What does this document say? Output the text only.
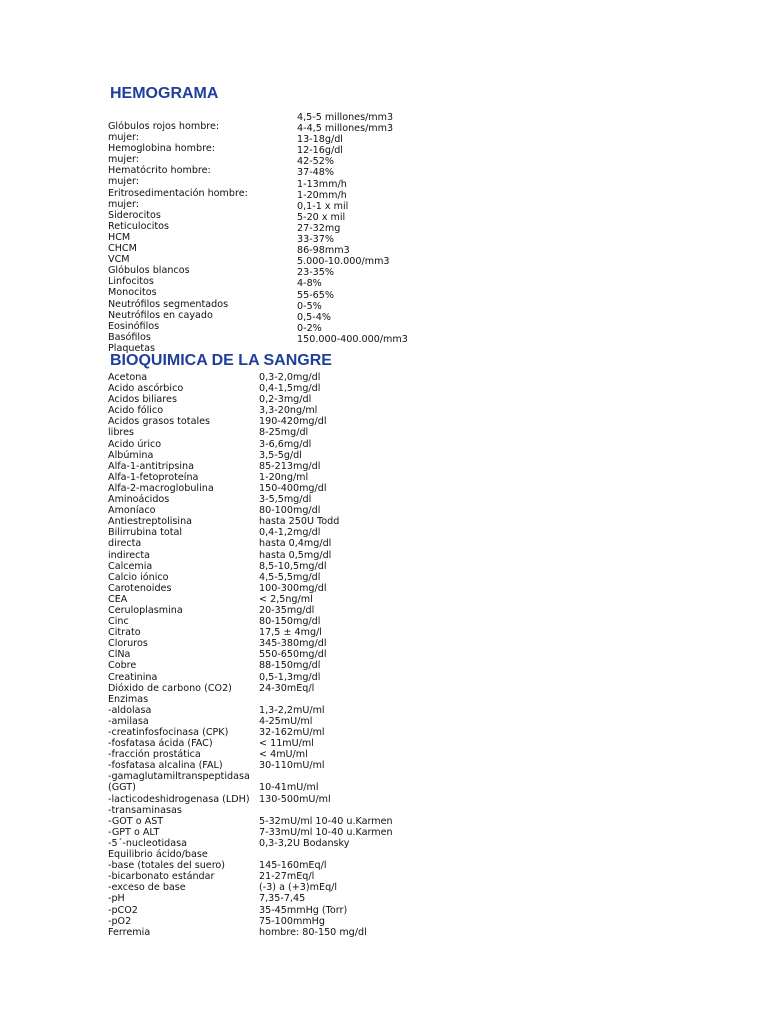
HEMOGRAMA
Glóbulos rojos hombre:
mujer:
Hemoglobina hombre:
mujer:
Hematócrito hombre:
mujer:
Eritrosedimentación hombre:
mujer:
Siderocitos
Reticulocitos
HCM
CHCM
VCM
Glóbulos blancos
Linfocitos
Monocitos
Neutrófilos segmentados
Neutrófilos en cayado
Eosinófilos
Basófilos
Plaquetas
4,5-5 millones/mm3
4-4,5 millones/mm3
13-18g/dl
12-16g/dl
42-52%
37-48%
1-13mm/h
1-20mm/h
0,1-1 x mil
5-20 x mil
27-32mg
33-37%
86-98mm3
5.000-10.000/mm3
23-35%
4-8%
55-65%
0-5%
0,5-4%
0-2%
150.000-400.000/mm3
BIOQUIMICA DE LA SANGRE
Acetona
Acido ascórbico
Acidos biliares
Acido fólico
Acidos grasos totales
libres
Acido úrico
Albúmina
Alfa-1-antitripsina
Alfa-1-fetoproteína
Alfa-2-macroglobulina
Aminoácidos
Amoníaco
Antiestreptolisina
Bilirrubina total
directa
indirecta
Calcemia
Calcio iónico
Carotenoides
CEA
Ceruloplasmina
Cinc
Citrato
Cloruros
ClNa
Cobre
Creatinina
Dióxido de carbono (CO2)
Enzimas
-aldolasa
-amilasa
-creatinfosfocinasa (CPK)
-fosfatasa ácida (FAC)
-fracción prostática
-fosfatasa alcalina (FAL)
-gamaglutamiltranspeptidasa
(GGT)
-lacticodeshidrogenasa (LDH)
-transaminasas
-GOT o AST
-GPT o ALT
-5´-nucleotidasa
Equilibrio ácido/base
-base (totales del suero)
-bicarbonato estándar
-exceso de base
-pH
-pCO2
-pO2
Ferremia
0,3-2,0mg/dl
0,4-1,5mg/dl
0,2-3mg/dl
3,3-20ng/ml
190-420mg/dl
8-25mg/dl
3-6,6mg/dl
3,5-5g/dl
85-213mg/dl
1-20ng/ml
150-400mg/dl
3-5,5mg/dl
80-100mg/dl
hasta 250U Todd
0,4-1,2mg/dl
hasta 0,4mg/dl
hasta 0,5mg/dl
8,5-10,5mg/dl
4,5-5,5mg/dl
100-300mg/dl
< 2,5ng/ml
20-35mg/dl
80-150mg/dl
17,5 ± 4mg/l
345-380mg/dl
550-650mg/dl
88-150mg/dl
0,5-1,3mg/dl
24-30mEq/l
1,3-2,2mU/ml
4-25mU/ml
32-162mU/ml
< 11mU/ml
< 4mU/ml
30-110mU/ml
10-41mU/ml
130-500mU/ml
5-32mU/ml 10-40 u.Karmen
7-33mU/ml 10-40 u.Karmen
0,3-3,2U Bodansky
145-160mEq/l
21-27mEq/l
(-3) a (+3)mEq/l
7,35-7,45
35-45mmHg (Torr)
75-100mmHg
hombre: 80-150 mg/dl
